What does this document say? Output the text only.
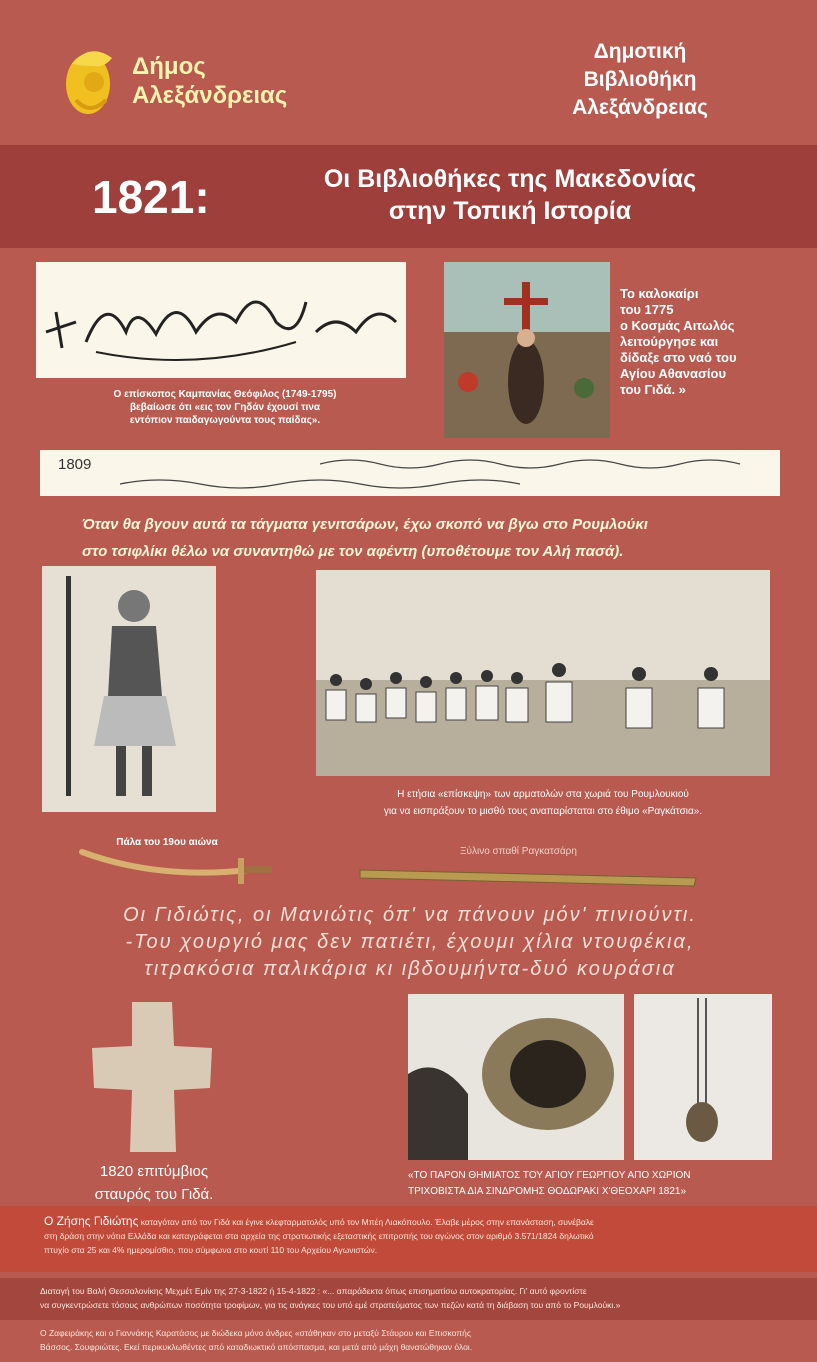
Δήμος
Αλεξάνδρειας
Δημοτική
Βιβλιοθήκη
Αλεξάνδρειας
1821:	Οι Βιβλιοθήκες της Μακεδονίας
στην Τοπική Ιστορία
Ο επίσκοπος Καμπανίας Θεόφιλος (1749-1795)
βεβαίωσε ότι «εις τον Γηδάν έχουσί τινα
εντόπιον παιδαγωγούντα τους παίδας».
Το καλοκαίρι
του 1775
ο Κοσμάς Αιτωλός
λειτούργησε και
δίδαξε στο ναό του
Αγίου Αθανασίου
του Γιδά. »
1809
Όταν θα βγουν αυτά τα τάγματα γενιτσάρων, έχω σκοπό να βγω στο Ρουμλούκι
στο τσιφλίκι θέλω να συναντηθώ με τον αφέντη (υποθέτουμε τον Αλή πασά).
Η ετήσια «επίσκεψη» των αρματολών στα χωριά του Ρουμλουκιού
για να εισπράξουν το μισθό τους αναπαρίσταται στο έθιμο «Ραγκάτσια».
Πάλα του 19ου αιώνα
Ξύλινο σπαθί Ραγκατσάρη
Οι Γιδιώτις, οι Μανιώτις όπ' να πάνουν μόν' πινιούντι.
-Του χουργιό μας δεν πατιέτι, έχουμι χίλια ντουφέκια,
τιτρακόσια παλικάρια κι ιβδουμήντα-δυό κουράσια
1820 επιτύμβιος
σταυρός του Γιδά.
«ΤΟ ΠΑΡΟΝ ΘΗΜΙΑΤΟΣ ΤΟΥ ΑΓΙΟΥ ΓΕΩΡΓΙΟΥ ΑΠΟ ΧΩΡΙΟΝ
ΤΡΙΧΟΒΙΣΤΑ ΔΙΑ ΣΙΝΔΡΟΜΗΣ ΘΟΔΩΡΑΚΙ Χ'ΘΕΟΧΑΡΙ 1821»
Ο Ζήσης Γιδιώτης καταγόταν από τον Γιδά και έγινε κλεφταρματολός υπό τον Μπέη Λιακόπουλο. Έλαβε μέρος στην επανάσταση, συνέβαλε
στη δράση στην νότια Ελλάδα και καταγράφεται στα αρχεία της στρατιωτικής εξεταστικής επιτροπής του αγώνος στον αριθμό 3.571/1824 δηλωτικό
πτυχίο στα 25 και 4% ημερομίσθιο, που σύμφωνα στο κουτί 110 του Αρχείου Αγωνιστών.
Διαταγή του Βαλή Θεσσαλονίκης Μεχμέτ Εμίν της 27-3-1822 ή 15-4-1822 : «... απαράδεκτα όπως επισηματίσω αυτοκρατορίας. Γι' αυτό φροντίστε
να συγκεντρώσετε τόσους ανθρώπων ποσότητα τροφίμων, για τις ανάγκες του υπό εμέ στρατεύματος των πεζών κατά τη διάβαση του από το Ρουμλούκι.»
Ο Ζαφειράκης και ο Γιαννάκης Καρατάσος με διώδεκα μόνο άνδρες «στάθηκαν στο μεταξύ Στάυρου και Επισκοπής
Βάσσος. Σουφριώτες. Εκεί περικυκλωθέντες από καταδιωκτικό απόσπασμα, και μετά από μάχη θανατώθηκαν όλοι.
